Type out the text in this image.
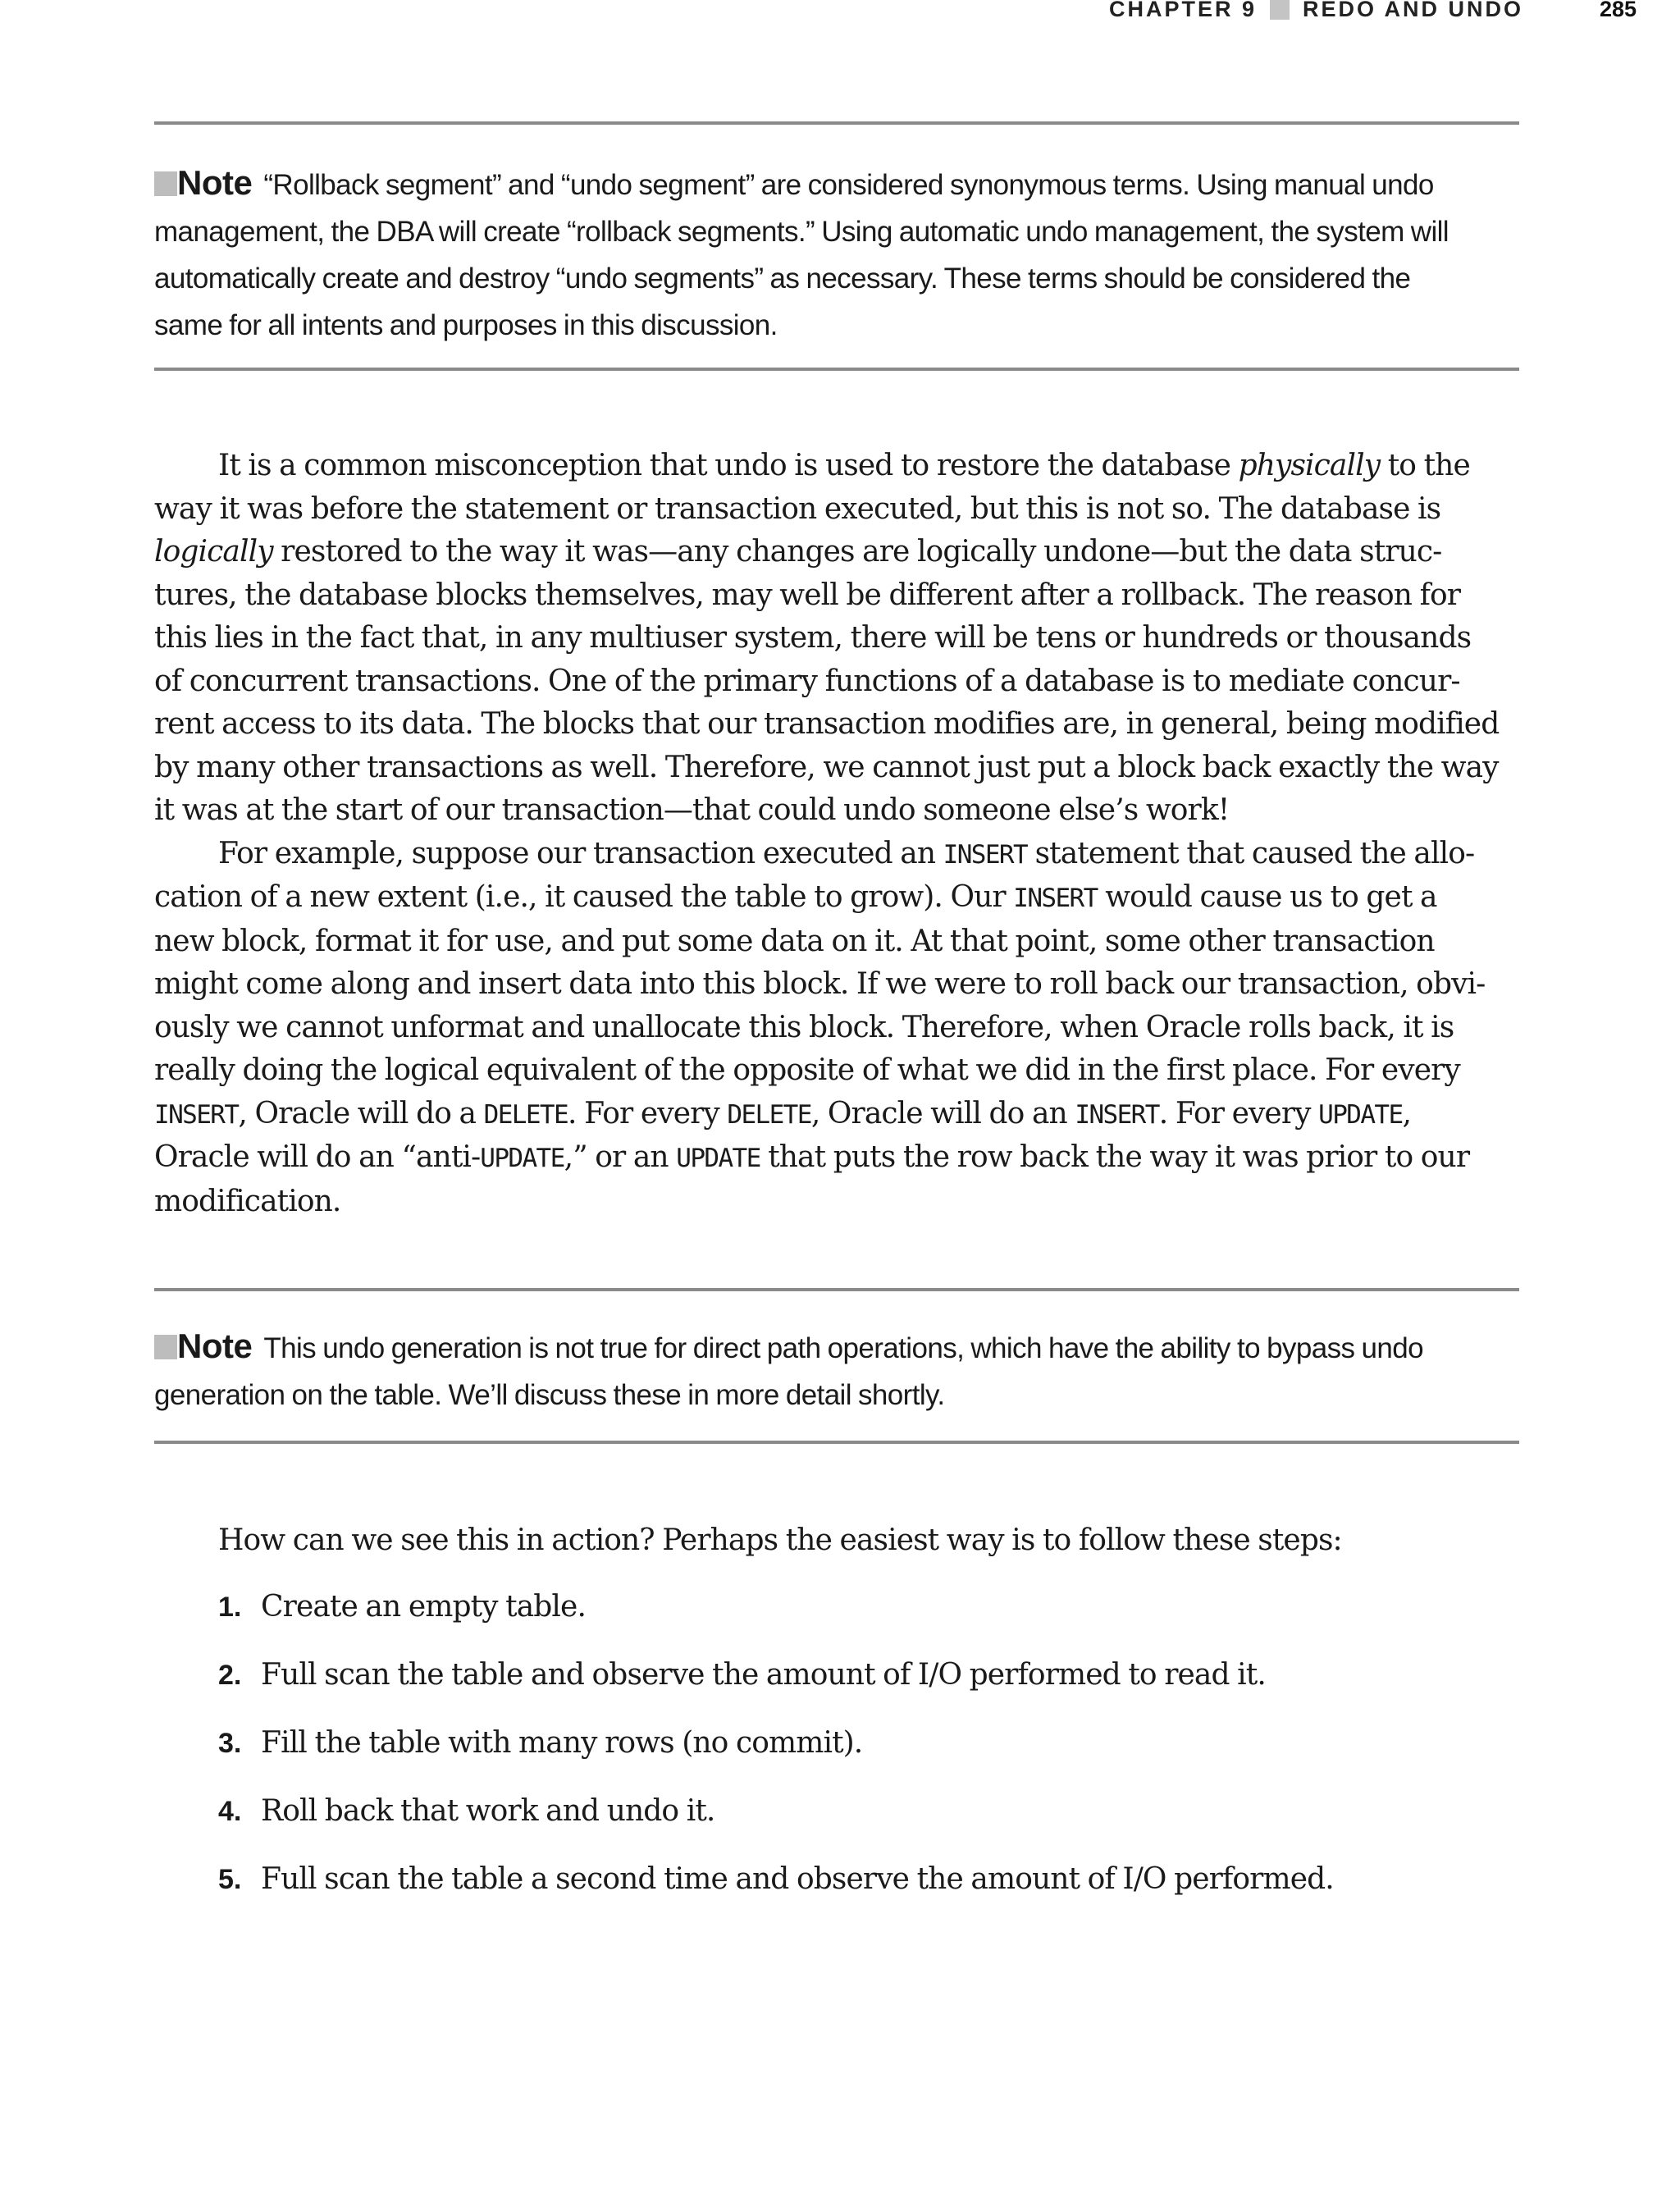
CHAPTER 9 REDO AND UNDO	285
Note “Rollback segment” and “undo segment” are considered synonymous terms. Using manual undo
management, the DBA will create “rollback segments.” Using automatic undo management, the system will
automatically create and destroy “undo segments” as necessary. These terms should be considered the
same for all intents and purposes in this discussion.
It is a common misconception that undo is used to restore the database physically to the
way it was before the statement or transaction executed, but this is not so. The database is
logically restored to the way it was—any changes are logically undone—but the data struc-
tures, the database blocks themselves, may well be different after a rollback. The reason for
this lies in the fact that, in any multiuser system, there will be tens or hundreds or thousands
of concurrent transactions. One of the primary functions of a database is to mediate concur-
rent access to its data. The blocks that our transaction modifies are, in general, being modified
by many other transactions as well. Therefore, we cannot just put a block back exactly the way
it was at the start of our transaction—that could undo someone else’s work!
For example, suppose our transaction executed an INSERT statement that caused the allo-
cation of a new extent (i.e., it caused the table to grow). Our INSERT would cause us to get a
new block, format it for use, and put some data on it. At that point, some other transaction
might come along and insert data into this block. If we were to roll back our transaction, obvi-
ously we cannot unformat and unallocate this block. Therefore, when Oracle rolls back, it is
really doing the logical equivalent of the opposite of what we did in the first place. For every
INSERT, Oracle will do a DELETE. For every DELETE, Oracle will do an INSERT. For every UPDATE,
Oracle will do an “anti-UPDATE,” or an UPDATE that puts the row back the way it was prior to our
modification.
Note This undo generation is not true for direct path operations, which have the ability to bypass undo
generation on the table. We’ll discuss these in more detail shortly.
How can we see this in action? Perhaps the easiest way is to follow these steps:
1. Create an empty table.
2. Full scan the table and observe the amount of I/O performed to read it.
3. Fill the table with many rows (no commit).
4. Roll back that work and undo it.
5. Full scan the table a second time and observe the amount of I/O performed.
